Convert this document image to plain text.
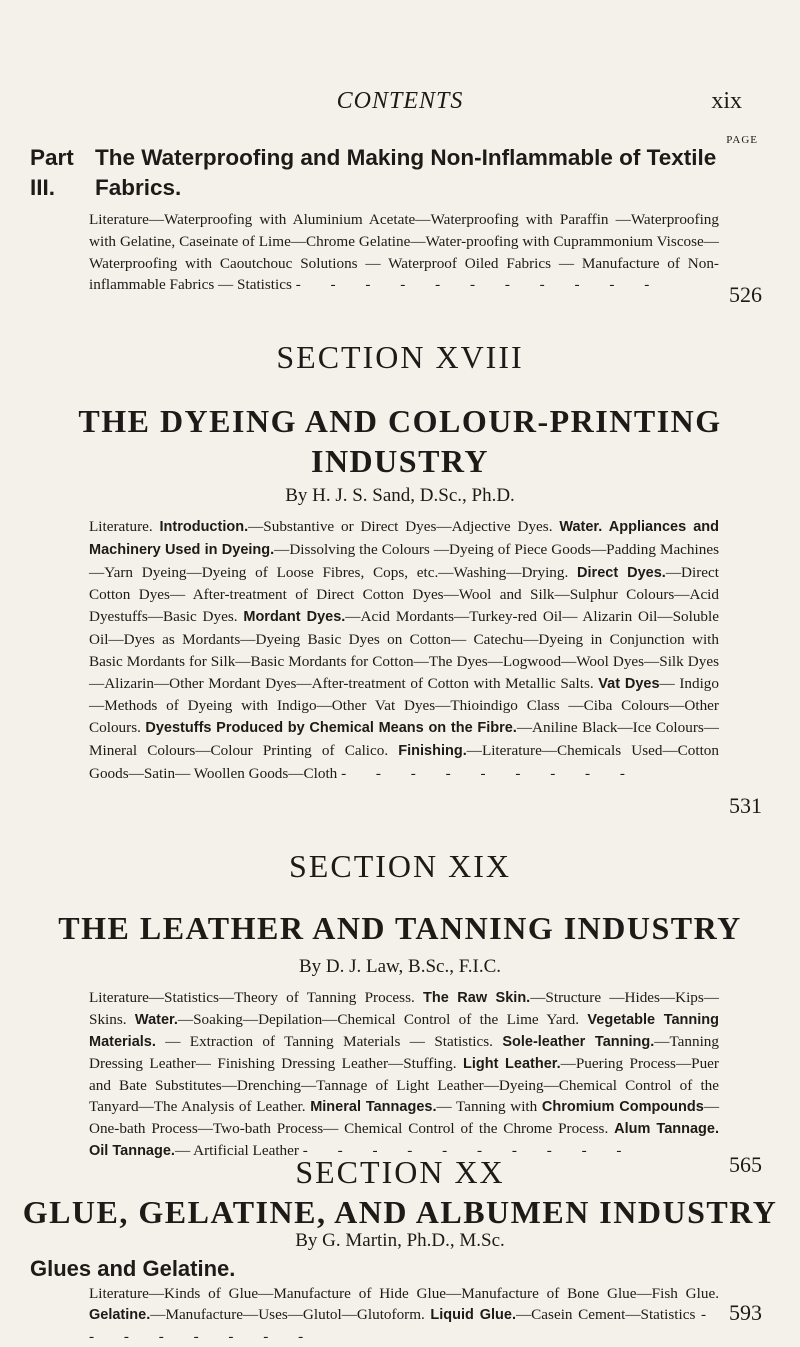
CONTENTS	xix
PAGE
Part III.
The Waterproofing and Making Non-Inflammable of Textile Fabrics.
Literature—Waterproofing with Aluminium Acetate—Waterproofing with Paraffin —Waterproofing with Gelatine, Caseinate of Lime—Chrome Gelatine—Water-proofing with Cuprammonium Viscose—Waterproofing with Caoutchouc Solutions — Waterproof Oiled Fabrics — Manufacture of Non-inflammable Fabrics — Statistics - - - - - - - - - - -	526
SECTION XVIII
THE DYEING AND COLOUR-PRINTING INDUSTRY
By H. J. S. Sand, D.Sc., Ph.D.
Literature. Introduction.—Substantive or Direct Dyes—Adjective Dyes. Water. Appliances and Machinery Used in Dyeing.—Dissolving the Colours —Dyeing of Piece Goods—Padding Machines—Yarn Dyeing—Dyeing of Loose Fibres, Cops, etc.—Washing—Drying. Direct Dyes.—Direct Cotton Dyes— After-treatment of Direct Cotton Dyes—Wool and Silk—Sulphur Colours—Acid Dyestuffs—Basic Dyes. Mordant Dyes.—Acid Mordants—Turkey-red Oil— Alizarin Oil—Soluble Oil—Dyes as Mordants—Dyeing Basic Dyes on Cotton— Catechu—Dyeing in Conjunction with Basic Mordants for Silk—Basic Mordants for Cotton—The Dyes—Logwood—Wool Dyes—Silk Dyes—Alizarin—Other Mordant Dyes—After-treatment of Cotton with Metallic Salts. Vat Dyes— Indigo—Methods of Dyeing with Indigo—Other Vat Dyes—Thioindigo Class —Ciba Colours—Other Colours. Dyestuffs Produced by Chemical Means on the Fibre.—Aniline Black—Ice Colours—Mineral Colours—Colour Printing of Calico. Finishing.—Literature—Chemicals Used—Cotton Goods—Satin— Woollen Goods—Cloth - - - - - - - - -
531
SECTION XIX
THE LEATHER AND TANNING INDUSTRY
By D. J. Law, B.Sc., F.I.C.
Literature—Statistics—Theory of Tanning Process. The Raw Skin.—Structure —Hides—Kips—Skins. Water.—Soaking—Depilation—Chemical Control of the Lime Yard. Vegetable Tanning Materials. — Extraction of Tanning Materials — Statistics. Sole-leather Tanning.—Tanning Dressing Leather— Finishing Dressing Leather—Stuffing. Light Leather.—Puering Process—Puer and Bate Substitutes—Drenching—Tannage of Light Leather—Dyeing—Chemical Control of the Tanyard—The Analysis of Leather. Mineral Tannages.— Tanning with Chromium Compounds—One-bath Process—Two-bath Process— Chemical Control of the Chrome Process. Alum Tannage. Oil Tannage.— Artificial Leather - - - - - - - - - -
565
SECTION XX
GLUE, GELATINE, AND ALBUMEN INDUSTRY
By G. Martin, Ph.D., M.Sc.
Glues and Gelatine.
Literature—Kinds of Glue—Manufacture of Hide Glue—Manufacture of Bone Glue—Fish Glue. Gelatine.—Manufacture—Uses—Glutol—Glutoform. Liquid Glue.—Casein Cement—Statistics - - - - - - - -
593
